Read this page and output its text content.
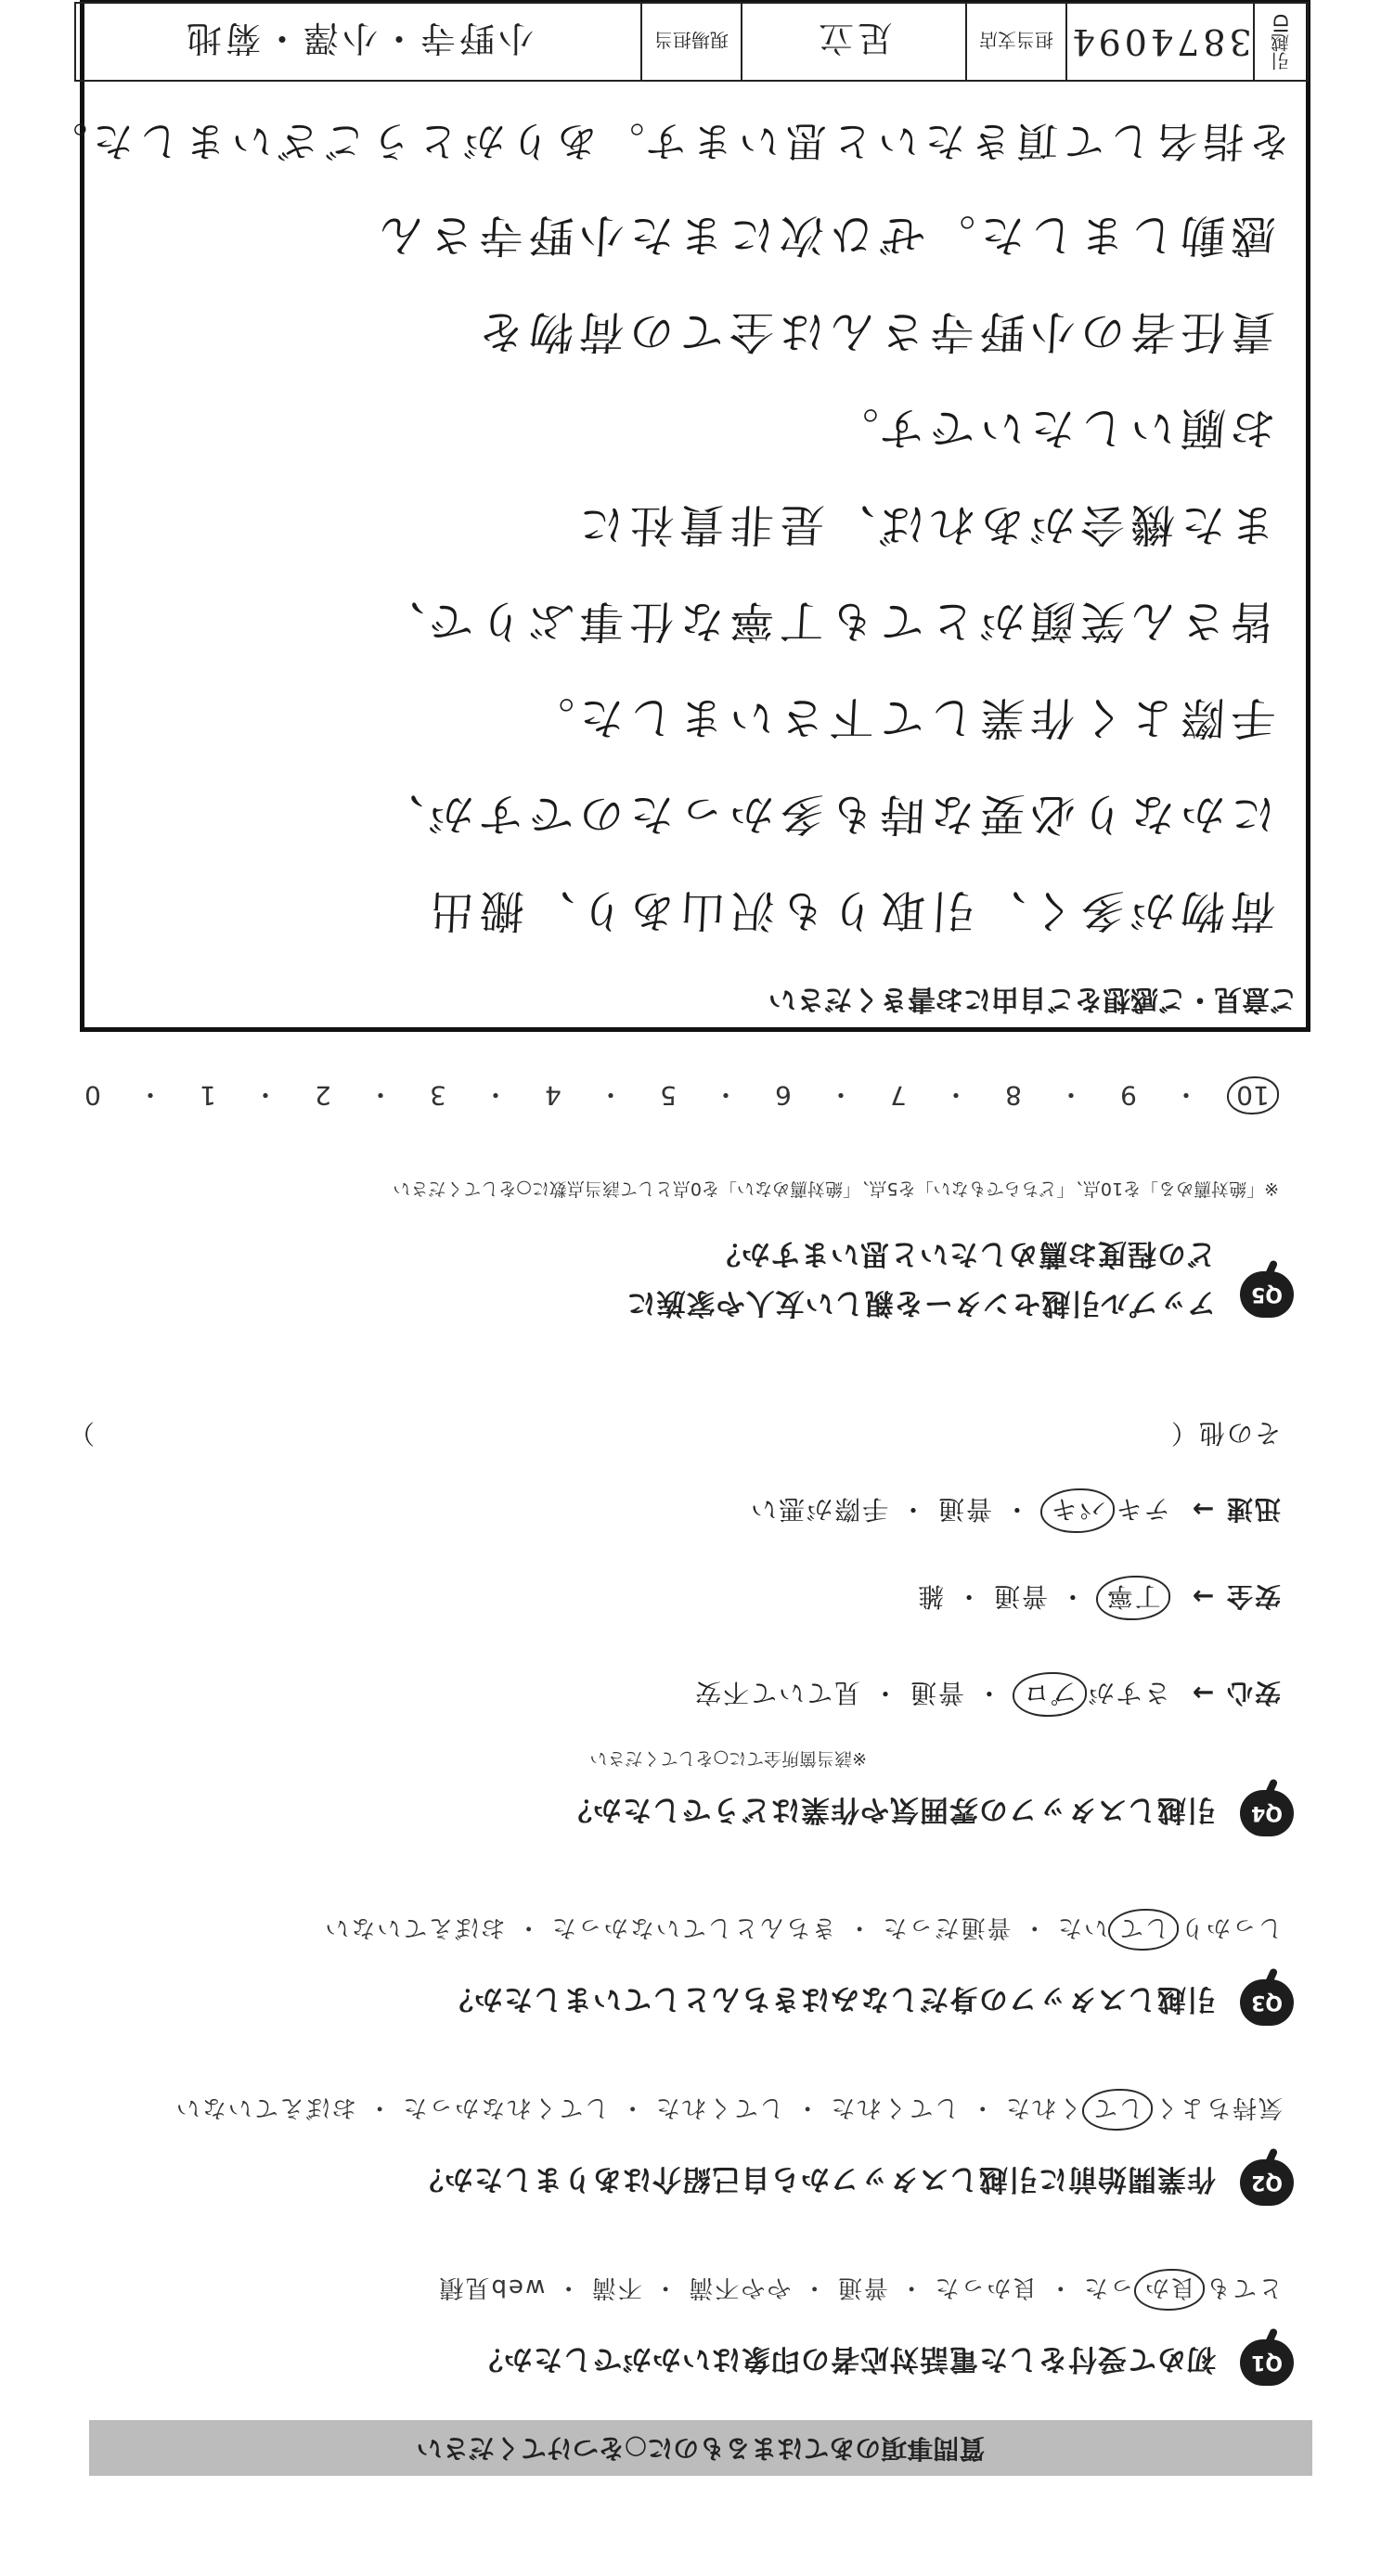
質問事項のあてはまるものに○をつけてください
Q1
初めて受付をした電話対応者の印象はいかがでしたか？
とても良かった ・ 良かった ・ 普通 ・ やや不満 ・ 不満 ・ web見積
Q2
作業開始前に引越しスタッフから自己紹介はありましたか？
気持ちよくしてくれた ・ してくれた ・ してくれた ・ してくれなかった ・ おぼえていない
Q3
引越しスタッフの身だしなみはきちんとしていましたか？
しっかりしていた ・ 普通だった ・ きちんとしていなかった ・ おぼえていない
Q4
引越しスタッフの雰囲気や作業はどうでしたか？
※該当箇所全てに○をしてください
安心 →さすがプロ ・ 普通 ・ 見ていて不安
安全 →丁寧 ・ 普通 ・ 雑
迅速 →テキパキ ・ 普通 ・ 手際が悪い
その他（
）
Q5
アップル引越センターを親しい友人や家族に
どの程度お薦めしたいと思いますか？
※「絶対薦める」を10点、「どちらでもない」を5点、「絶対薦めない」を0点として該当点数に○をしてください
10
・
9
・
8
・
7
・
6
・
5
・
4
・
3
・
2
・
1
・
0
ご意見・ご感想をご自由にお書きください
荷物が多く、引取りも沢山あり、搬出
にかなり必要な時も多かったのですが、
手際よく作業して下さいました。
皆さん笑顔がとても丁寧な仕事ぶりで、
また機会があれば、是非貴社に
お願いしたいです。
責任者の小野寺さんは全ての荷物を
感動しました。ぜひ次にまた小野寺さん
を指名して頂きたいと思います。ありがとうございました。
引越ID
3874094
担当支店
足立
現場担当
小野寺・小澤・菊地
